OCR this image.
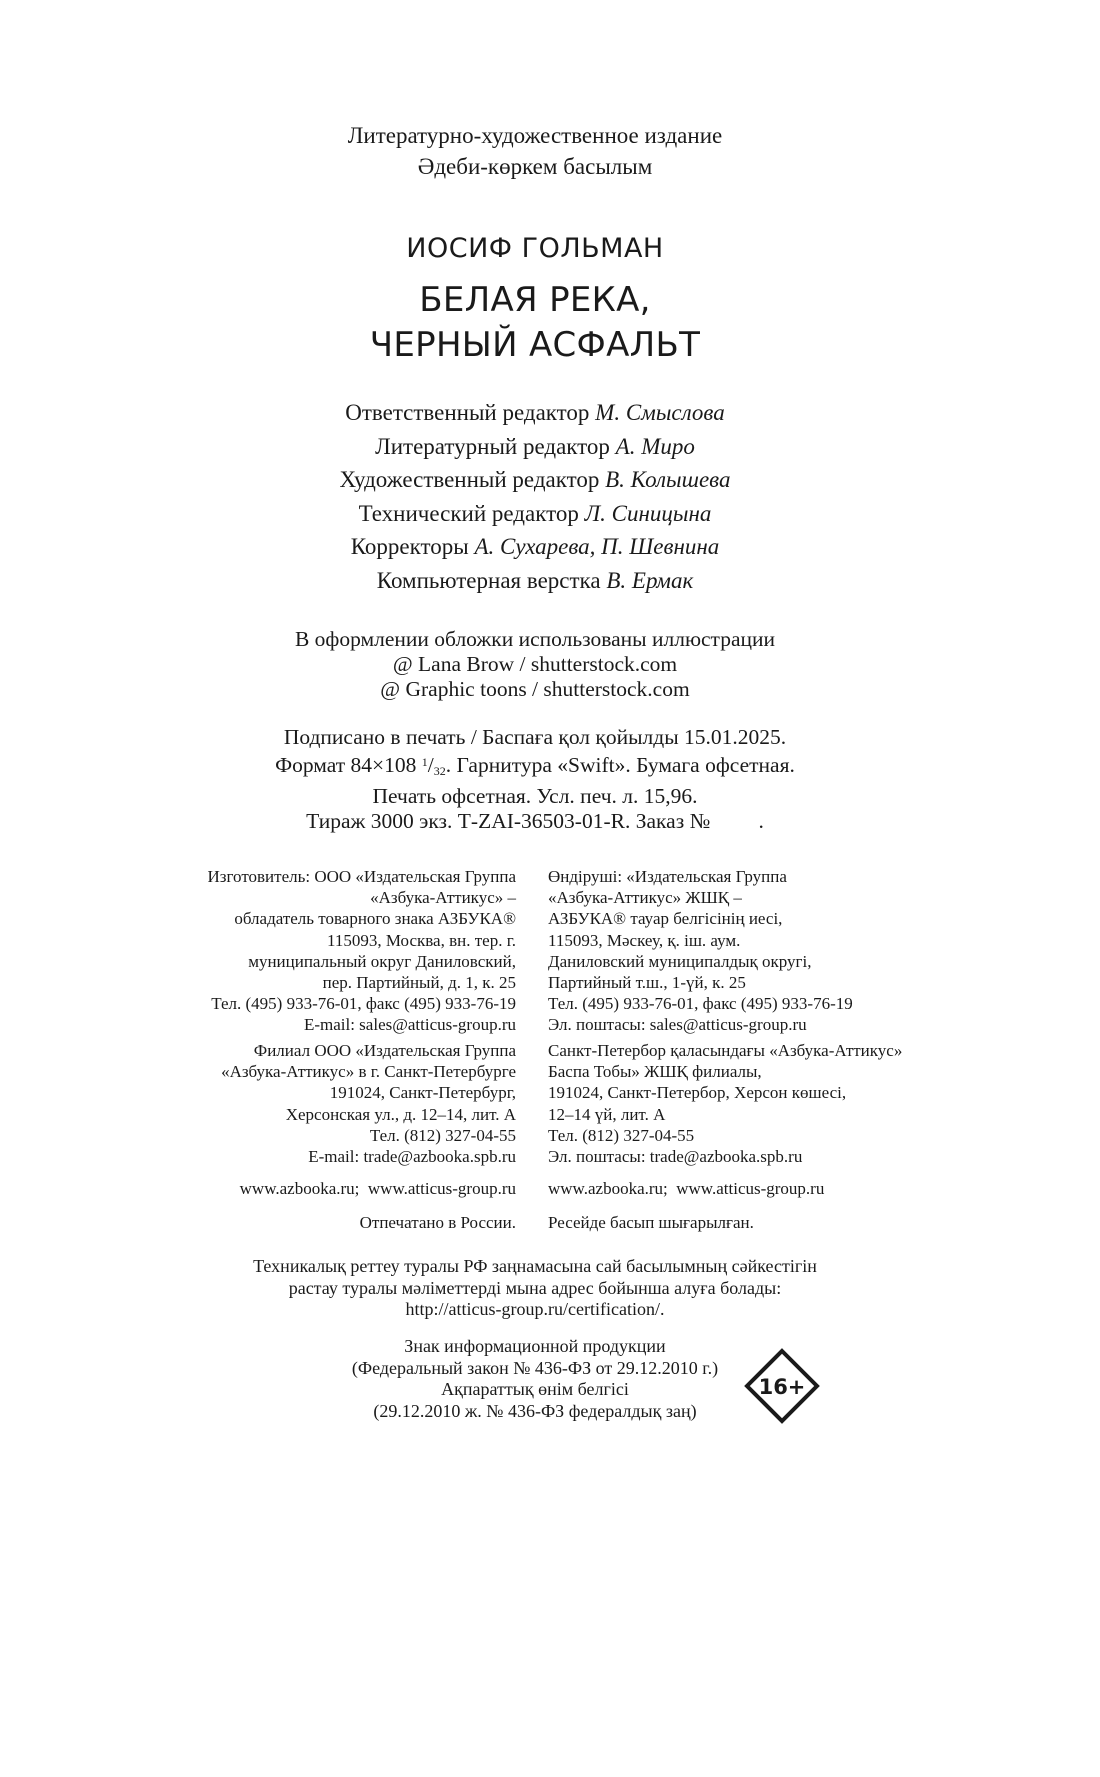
Литературно-художественное издание
Әдеби-көркем басылым
ИОСИФ ГОЛЬМАН
БЕЛАЯ РЕКА,
ЧЕРНЫЙ АСФАЛЬТ
Ответственный редактор М. Смыслова
Литературный редактор А. Миро
Художественный редактор В. Колышева
Технический редактор Л. Синицына
Корректоры А. Сухарева, П. Шевнина
Компьютерная верстка В. Ермак
В оформлении обложки использованы иллюстрации
@ Lana Brow / shutterstock.com
@ Graphic toons / shutterstock.com
Подписано в печать / Баспаға қол қойылды 15.01.2025.
Формат 84×108 $^1/_{32}$. Гарнитура «Swift». Бумага офсетная.
Печать офсетная. Усл. печ. л. 15,96.
Тираж 3000 экз. Т-ZAI-36503-01-R. Заказ №         .
Изготовитель: ООО «Издательская Группа
«Азбука-Аттикус» –
обладатель товарного знака АЗБУКА®
115093, Москва, вн. тер. г.
муниципальный округ Даниловский,
пер. Партийный, д. 1, к. 25
Тел. (495) 933-76-01, факс (495) 933-76-19
E-mail: sales@atticus-group.ru
Өндіруші: «Издательская Группа
«Азбука-Аттикус» ЖШҚ –
АЗБУКА® тауар белгісінің иесі,
115093, Мәскеу, қ. іш. аум.
Даниловский муниципалдық округі,
Партийный т.ш., 1-үй, к. 25
Тел. (495) 933-76-01, факс (495) 933-76-19
Эл. поштасы: sales@atticus-group.ru
Филиал ООО «Издательская Группа
«Азбука-Аттикус» в г. Санкт-Петербурге
191024, Санкт-Петербург,
Херсонская ул., д. 12–14, лит. А
Тел. (812) 327-04-55
E-mail: trade@azbooka.spb.ru
Санкт-Петербор қаласындағы «Азбука-Аттикус»
Баспа Тобы» ЖШҚ филиалы,
191024, Санкт-Петербор, Херсон көшесі,
12–14 үй, лит. А
Тел. (812) 327-04-55
Эл. поштасы: trade@azbooka.spb.ru
www.azbooka.ru;  www.atticus-group.ru www.azbooka.ru;  www.atticus-group.ru
Отпечатано в России. Ресейде басып шығарылған.
Техникалық реттеу туралы РФ заңнамасына сай басылымның сәйкестігін
растау туралы мәліметтерді мына адрес бойынша алуға болады:
http://atticus-group.ru/certification/.
Знак информационной продукции
(Федеральный закон № 436-ФЗ от 29.12.2010 г.)
Ақпараттық өнім белгісі
(29.12.2010 ж. № 436-ФЗ федералдық заң)
16+
